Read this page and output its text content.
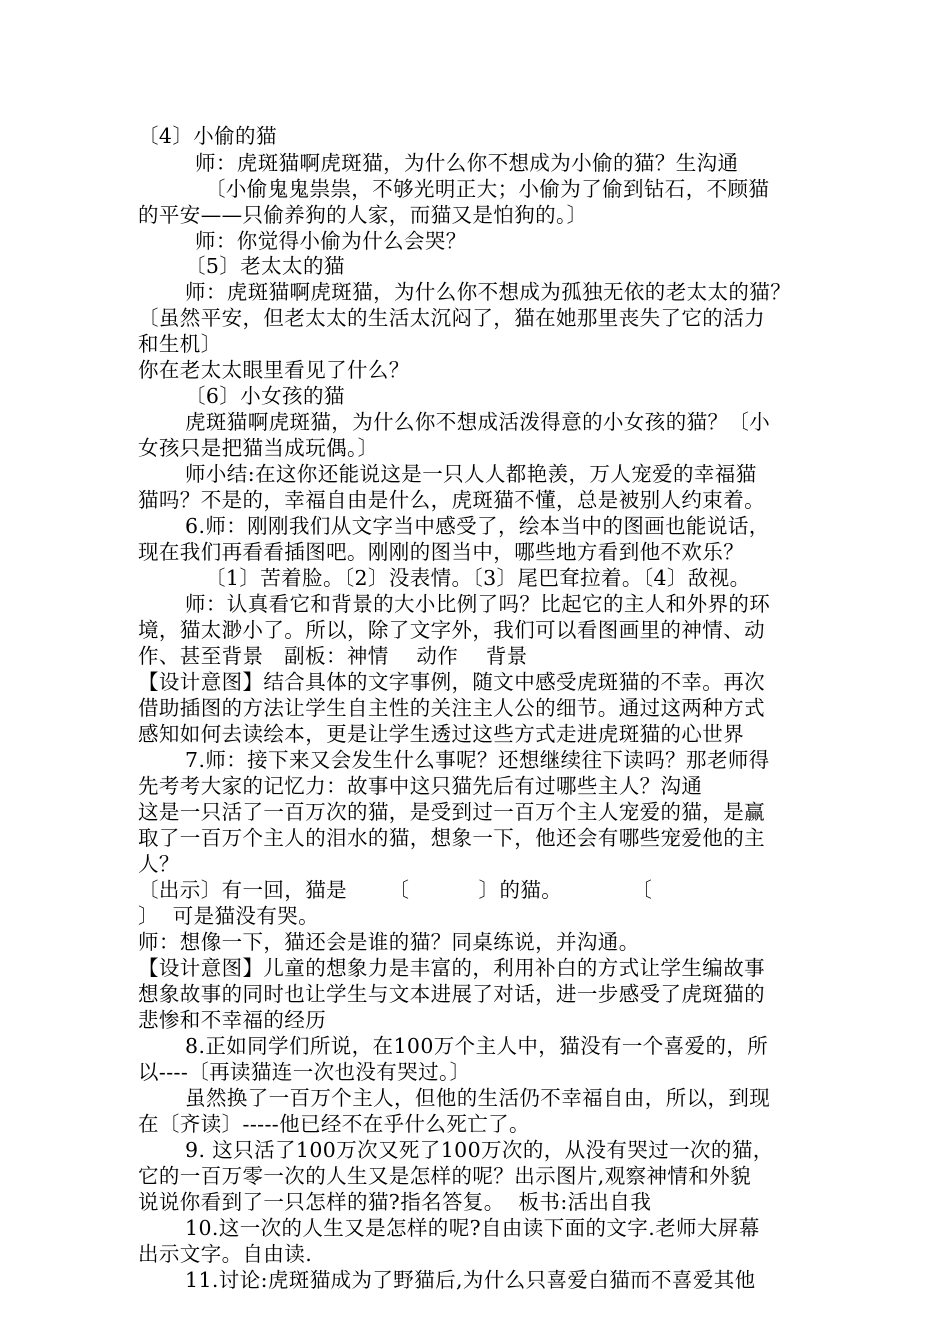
〔4〕小偷的猫
师：虎斑猫啊虎斑猫，为什么你不想成为小偷的猫？生沟通
〔小偷鬼鬼祟祟，不够光明正大；小偷为了偷到钻石，不顾猫
的平安——只偷养狗的人家，而猫又是怕狗的。〕
师：你觉得小偷为什么会哭？
〔5〕老太太的猫
师：虎斑猫啊虎斑猫，为什么你不想成为孤独无依的老太太的猫？
〔虽然平安，但老太太的生活太沉闷了，猫在她那里丧失了它的活力
和生机〕
你在老太太眼里看见了什么？
〔6〕小女孩的猫
虎斑猫啊虎斑猫，为什么你不想成活泼得意的小女孩的猫？〔小
女孩只是把猫当成玩偶。〕
师小结:在这你还能说这是一只人人都艳羡，万人宠爱的幸福猫
猫吗？不是的，幸福自由是什么，虎斑猫不懂，总是被别人约束着。
6.师：刚刚我们从文字当中感受了，绘本当中的图画也能说话，
现在我们再看看插图吧。刚刚的图当中，哪些地方看到他不欢乐？
〔1〕苦着脸。〔2〕没表情。〔3〕尾巴耷拉着。〔4〕敌视。
师：认真看它和背景的大小比例了吗？比起它的主人和外界的环
境，猫太渺小了。所以，除了文字外，我们可以看图画里的神情、动
作、甚至背景   副板：神情    动作    背景
【设计意图】结合具体的文字事例，随文中感受虎斑猫的不幸。再次
借助插图的方法让学生自主性的关注主人公的细节。通过这两种方式
感知如何去读绘本，更是让学生透过这些方式走进虎斑猫的心世界
7.师：接下来又会发生什么事呢？还想继续往下读吗？那老师得
先考考大家的记忆力：故事中这只猫先后有过哪些主人？沟通
这是一只活了一百万次的猫，是受到过一百万个主人宠爱的猫，是赢
取了一百万个主人的泪水的猫，想象一下，他还会有哪些宠爱他的主
人？
〔出示〕有一回，猫是      〔          〕的猫。          〔
〕  可是猫没有哭。
师：想像一下，猫还会是谁的猫？同桌练说，并沟通。
【设计意图】儿童的想象力是丰富的，利用补白的方式让学生编故事
想象故事的同时也让学生与文本进展了对话，进一步感受了虎斑猫的
悲惨和不幸福的经历
8.正如同学们所说，在100万个主人中，猫没有一个喜爱的，所
以----〔再读猫连一次也没有哭过。〕
虽然换了一百万个主人，但他的生活仍不幸福自由，所以，到现
在〔齐读〕-----他已经不在乎什么死亡了。
9. 这只活了100万次又死了100万次的，从没有哭过一次的猫，
它的一百万零一次的人生又是怎样的呢？出示图片,观察神情和外貌
说说你看到了一只怎样的猫?指名答复。  板书:活出自我
10.这一次的人生又是怎样的呢?自由读下面的文字.老师大屏幕
出示文字。自由读.
11.讨论:虎斑猫成为了野猫后,为什么只喜爱白猫而不喜爱其他
